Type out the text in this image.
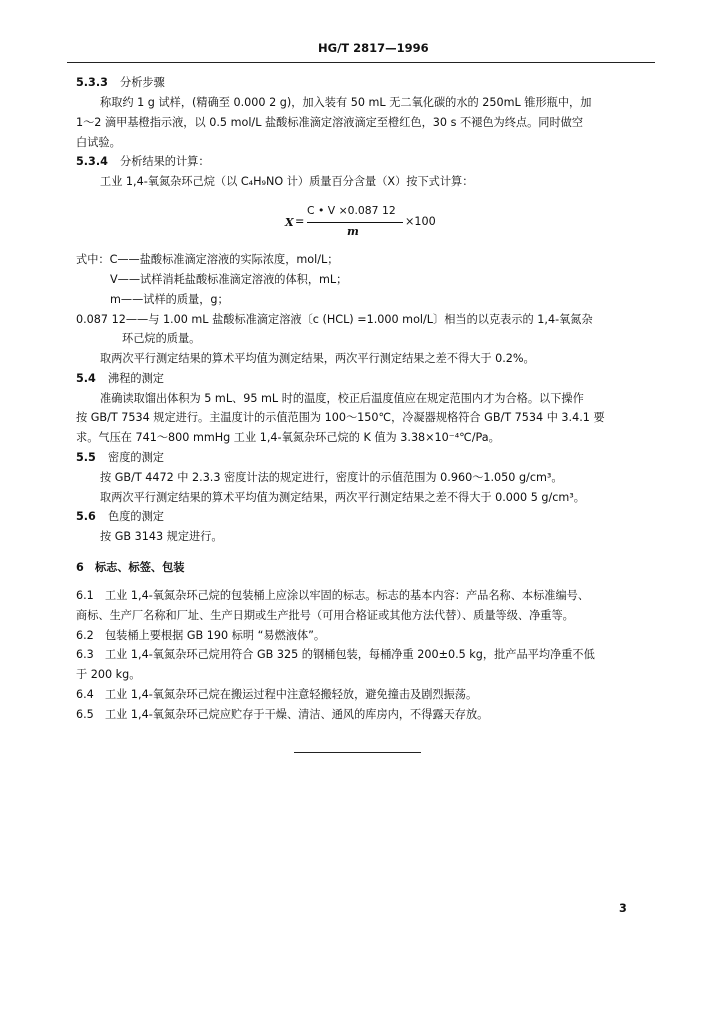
HG/T 2817—1996
5.3.3 分析步骤
称取约 1 g 试样，(精确至 0.000 2 g)，加入装有 50 mL 无二氧化碳的水的 250mL 锥形瓶中，加
1～2 滴甲基橙指示液，以 0.5 mol/L 盐酸标准滴定溶液滴定至橙红色，30 s 不褪色为终点。同时做空
白试验。
5.3.4 分析结果的计算：
工业 1,4-氧氮杂环己烷（以 C₄H₉NO 计）质量百分含量（X）按下式计算：
X =
C • V ×0.087 12
m
×100
式中：C——盐酸标准滴定溶液的实际浓度，mol/L；
V——试样消耗盐酸标准滴定溶液的体积，mL；
m——试样的质量，g；
0.087 12——与 1.00 mL 盐酸标准滴定溶液〔c (HCL) =1.000 mol/L〕相当的以克表示的 1,4-氧氮杂
环己烷的质量。
取两次平行测定结果的算术平均值为测定结果，两次平行测定结果之差不得大于 0.2%。
5.4 沸程的测定
准确读取馏出体积为 5 mL、95 mL 时的温度，校正后温度值应在规定范围内才为合格。以下操作
按 GB/T 7534 规定进行。主温度计的示值范围为 100～150℃，冷凝器规格符合 GB/T 7534 中 3.4.1 要
求。气压在 741～800 mmHg 工业 1,4-氧氮杂环己烷的 K 值为 3.38×10⁻⁴℃/Pa。
5.5 密度的测定
按 GB/T 4472 中 2.3.3 密度计法的规定进行，密度计的示值范围为 0.960～1.050 g/cm³。
取两次平行测定结果的算术平均值为测定结果，两次平行测定结果之差不得大于 0.000 5 g/cm³。
5.6 色度的测定
按 GB 3143 规定进行。
6　标志、标签、包装
6.1　工业 1,4-氧氮杂环己烷的包装桶上应涂以牢固的标志。标志的基本内容：产品名称、本标准编号、
商标、生产厂名称和厂址、生产日期或生产批号（可用合格证或其他方法代替）、质量等级、净重等。
6.2　包装桶上要根据 GB 190 标明 “易燃液体”。
6.3　工业 1,4-氧氮杂环己烷用符合 GB 325 的钢桶包装，每桶净重 200±0.5 kg，批产品平均净重不低
于 200 kg。
6.4　工业 1,4-氧氮杂环己烷在搬运过程中注意轻搬轻放，避免撞击及剧烈振荡。
6.5　工业 1,4-氧氮杂环己烷应贮存于干燥、清洁、通风的库房内，不得露天存放。
3
